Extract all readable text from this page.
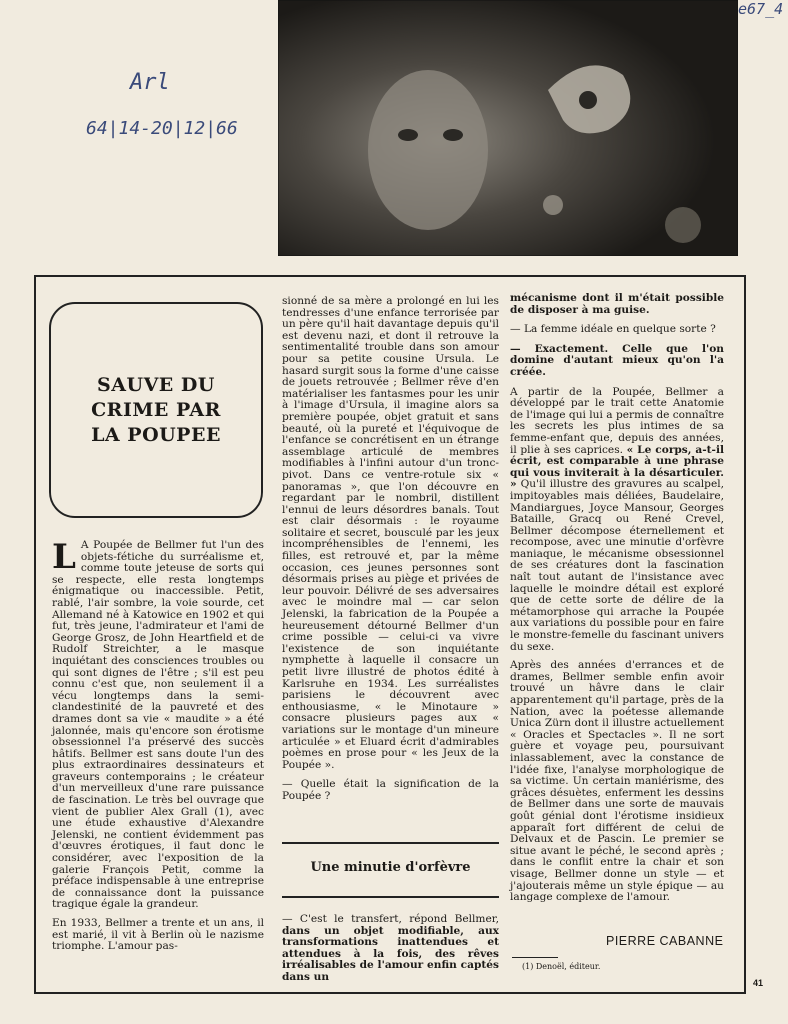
e67_4
Arl
64|14-20|12|66
SAUVE DU
CRIME PAR
LA POUPEE

L A Poupée de Bellmer fut l'un des objets-fétiche du surréalisme et, comme toute jeteuse de sorts qui se respecte, elle resta longtemps énigmatique ou inaccessible. Petit, rablé, l'air sombre, la voie sourde, cet Allemand né à Katowice en 1902 et qui fut, très jeune, l'admirateur et l'ami de George Grosz, de John Heartfield et de Rudolf Streichter, a le masque inquiétant des consciences troubles ou qui sont dignes de l'être ; s'il est peu connu c'est que, non seulement il a vécu longtemps dans la semi-clandestinité de la pauvreté et des drames dont sa vie « maudite » a été jalonnée, mais qu'encore son érotisme obsessionnel l'a préservé des succès hâtifs. Bellmer est sans doute l'un des plus extraordinaires dessinateurs et graveurs contemporains ; le créateur d'un merveilleux d'une rare puissance de fascination. Le très bel ouvrage que vient de publier Alex Grall (1), avec une étude exhaustive d'Alexandre Jelenski, ne contient évidemment pas d'œuvres érotiques, il faut donc le considérer, avec l'exposition de la galerie François Petit, comme la préface indispensable à une entreprise de connaissance dont la puissance tragique égale la grandeur.

En 1933, Bellmer a trente et un ans, il est marié, il vit à Berlin où le nazisme triomphe. L'amour pas-

sionné de sa mère a prolongé en lui les tendresses d'une enfance terrorisée par un père qu'il hait davantage depuis qu'il est devenu nazi, et dont il retrouve la sentimentalité trouble dans son amour pour sa petite cousine Ursula. Le hasard surgit sous la forme d'une caisse de jouets retrouvée ; Bellmer rêve d'en matérialiser les fantasmes pour les unir à l'image d'Ursula, il imagine alors sa première poupée, objet gratuit et sans beauté, où la pureté et l'équivoque de l'enfance se concrétisent en un étrange assemblage articulé de membres modifiables à l'infini autour d'un tronc-pivot. Dans ce ventre-rotule six « panoramas », que l'on découvre en regardant par le nombril, distillent l'ennui de leurs désordres banals. Tout est clair désormais : le royaume solitaire et secret, bousculé par les jeux incompréhensibles de l'ennemi, les filles, est retrouvé et, par la même occasion, ces jeunes personnes sont désormais prises au piège et privées de leur pouvoir. Délivré de ses adversaires avec le moindre mal — car selon Jelenski, la fabrication de la Poupée a heureusement détourné Bellmer d'un crime possible — celui-ci va vivre l'existence de son inquiétante nymphette à laquelle il consacre un petit livre illustré de photos édité à Karlsruhe en 1934. Les surréalistes parisiens le découvrent avec enthousiasme, « le Minotaure » consacre plusieurs pages aux « variations sur le montage d'un mineure articulée » et Eluard écrit d'admirables poèmes en prose pour « les Jeux de la Poupée ».

— Quelle était la signification de la Poupée ?

Une minutie d'orfèvre

— C'est le transfert, répond Bellmer, dans un objet modifiable, aux transformations inattendues et attendues à la fois, des rêves irréalisables de l'amour enfin captés dans un

mécanisme dont il m'était possible de disposer à ma guise.

— La femme idéale en quelque sorte ?

— Exactement. Celle que l'on domine d'autant mieux qu'on l'a créée.

A partir de la Poupée, Bellmer a développé par le trait cette Anatomie de l'image qui lui a permis de connaître les secrets les plus intimes de sa femme-enfant que, depuis des années, il plie à ses caprices. « Le corps, a-t-il écrit, est comparable à une phrase qui vous inviterait à la désarticuler. » Qu'il illustre des gravures au scalpel, impitoyables mais déliées, Baudelaire, Mandiargues, Joyce Mansour, Georges Bataille, Gracq ou René Crevel, Bellmer décompose éternellement et recompose, avec une minutie d'orfèvre maniaque, le mécanisme obsessionnel de ses créatures dont la fascination naît tout autant de l'insistance avec laquelle le moindre détail est exploré que de cette sorte de délire de la métamorphose qui arrache la Poupée aux variations du possible pour en faire le monstre-femelle du fascinant univers du sexe.

Après des années d'errances et de drames, Bellmer semble enfin avoir trouvé un hâvre dans le clair apparentement qu'il partage, près de la Nation, avec la poétesse allemande Unica Zürn dont il illustre actuellement « Oracles et Spectacles ». Il ne sort guère et voyage peu, poursuivant inlassablement, avec la constance de l'idée fixe, l'analyse morphologique de sa victime. Un certain maniérisme, des grâces désuètes, enferment les dessins de Bellmer dans une sorte de mauvais goût génial dont l'érotisme insidieux apparaît fort différent de celui de Delvaux et de Pascin. Le premier se situe avant le péché, le second après ; dans le conflit entre la chair et son visage, Bellmer donne un style — et j'ajouterais même un style épique — au langage complexe de l'amour.

PIERRE CABANNE
(1) Denoël, éditeur.
41
